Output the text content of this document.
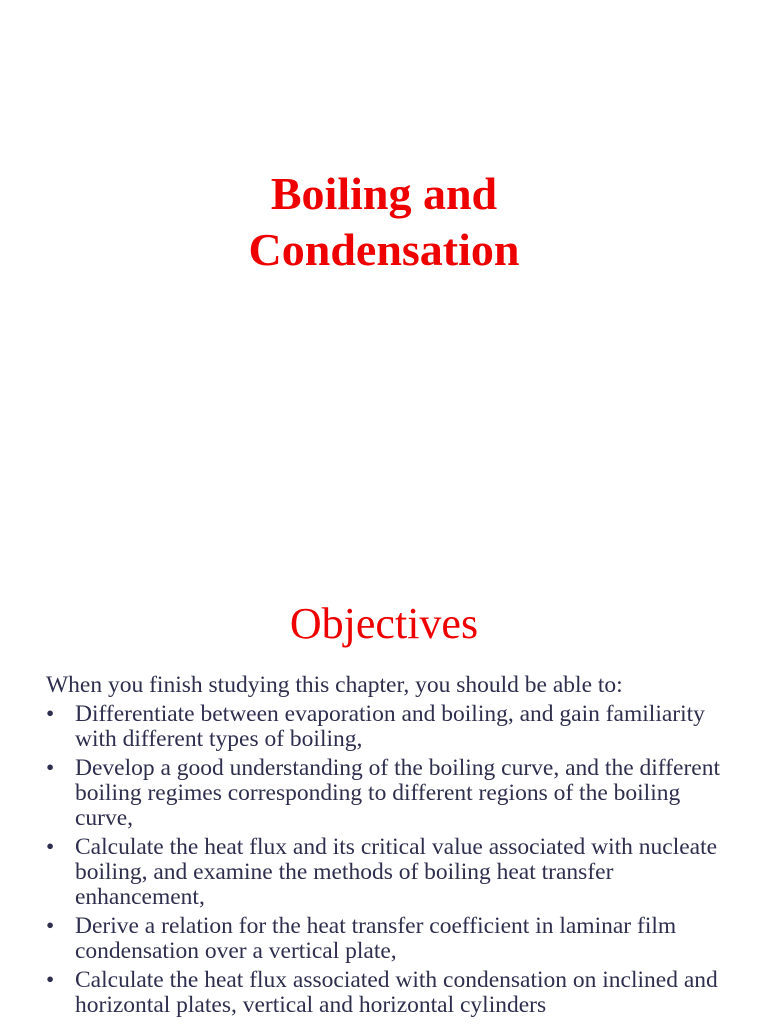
Boiling and
Condensation
Objectives

When you finish studying this chapter, you should be able to:

• Differentiate between evaporation and boiling, and gain familiarity with different types of boiling,
• Develop a good understanding of the boiling curve, and the different boiling regimes corresponding to different regions of the boiling curve,
• Calculate the heat flux and its critical value associated with nucleate boiling, and examine the methods of boiling heat transfer enhancement,
• Derive a relation for the heat transfer coefficient in laminar film condensation over a vertical plate,
• Calculate the heat flux associated with condensation on inclined and horizontal plates, vertical and horizontal cylinders
